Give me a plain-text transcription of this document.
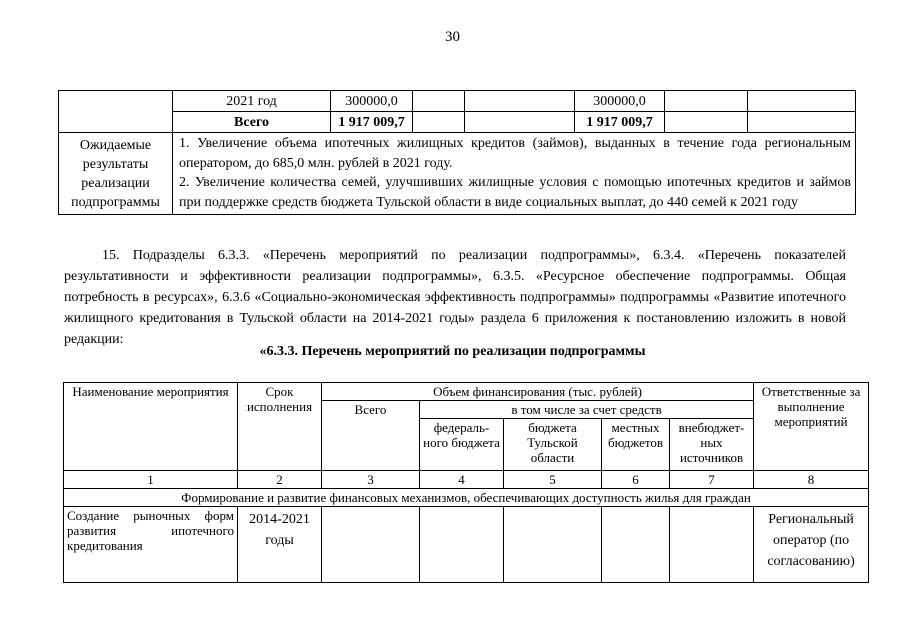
30
	2021 год	300000,0			300000,0		
	Всего	1 917 009,7			1 917 009,7		
Ожидаемые результаты реализации подпрограммы	1. Увеличение объема ипотечных жилищных кредитов (займов), выданных в течение года региональным оператором, до 685,0 млн. рублей в 2021 году.

2. Увеличение количества семей, улучшивших жилищные условия с помощью ипотечных кредитов и займов при поддержке средств бюджета Тульской области в виде социальных выплат, до 440 семей к 2021 году						

15. Подразделы 6.3.3. «Перечень мероприятий по реализации подпрограммы», 6.3.4. «Перечень показателей результативности и эффективности реализации подпрограммы», 6.3.5. «Ресурсное обеспечение подпрограммы. Общая потребность в ресурсах», 6.3.6 «Социально-экономическая эффективность подпрограммы» подпрограммы «Развитие ипотечного жилищного кредитования в Тульской области на 2014-2021 годы» раздела 6 приложения к постановлению изложить в новой редакции:
«6.3.3. Перечень мероприятий по реализации подпрограммы
Наименование мероприятия	Срок исполнения	Объем финансирования (тыс. рублей)					Ответственные за выполнение мероприятий
		Всего	в том числе за счет средств				
			федераль- ного бюджета	бюджета Тульской области	местных бюджетов	внебюджет- ных источников	
1	2	3	4	5	6	7	8
Формирование и развитие финансовых механизмов, обеспечивающих доступность жилья для граждан							
Создание рыночных форм развития ипотечного кредитования	2014-2021 годы						Региональный оператор (по согласованию)
